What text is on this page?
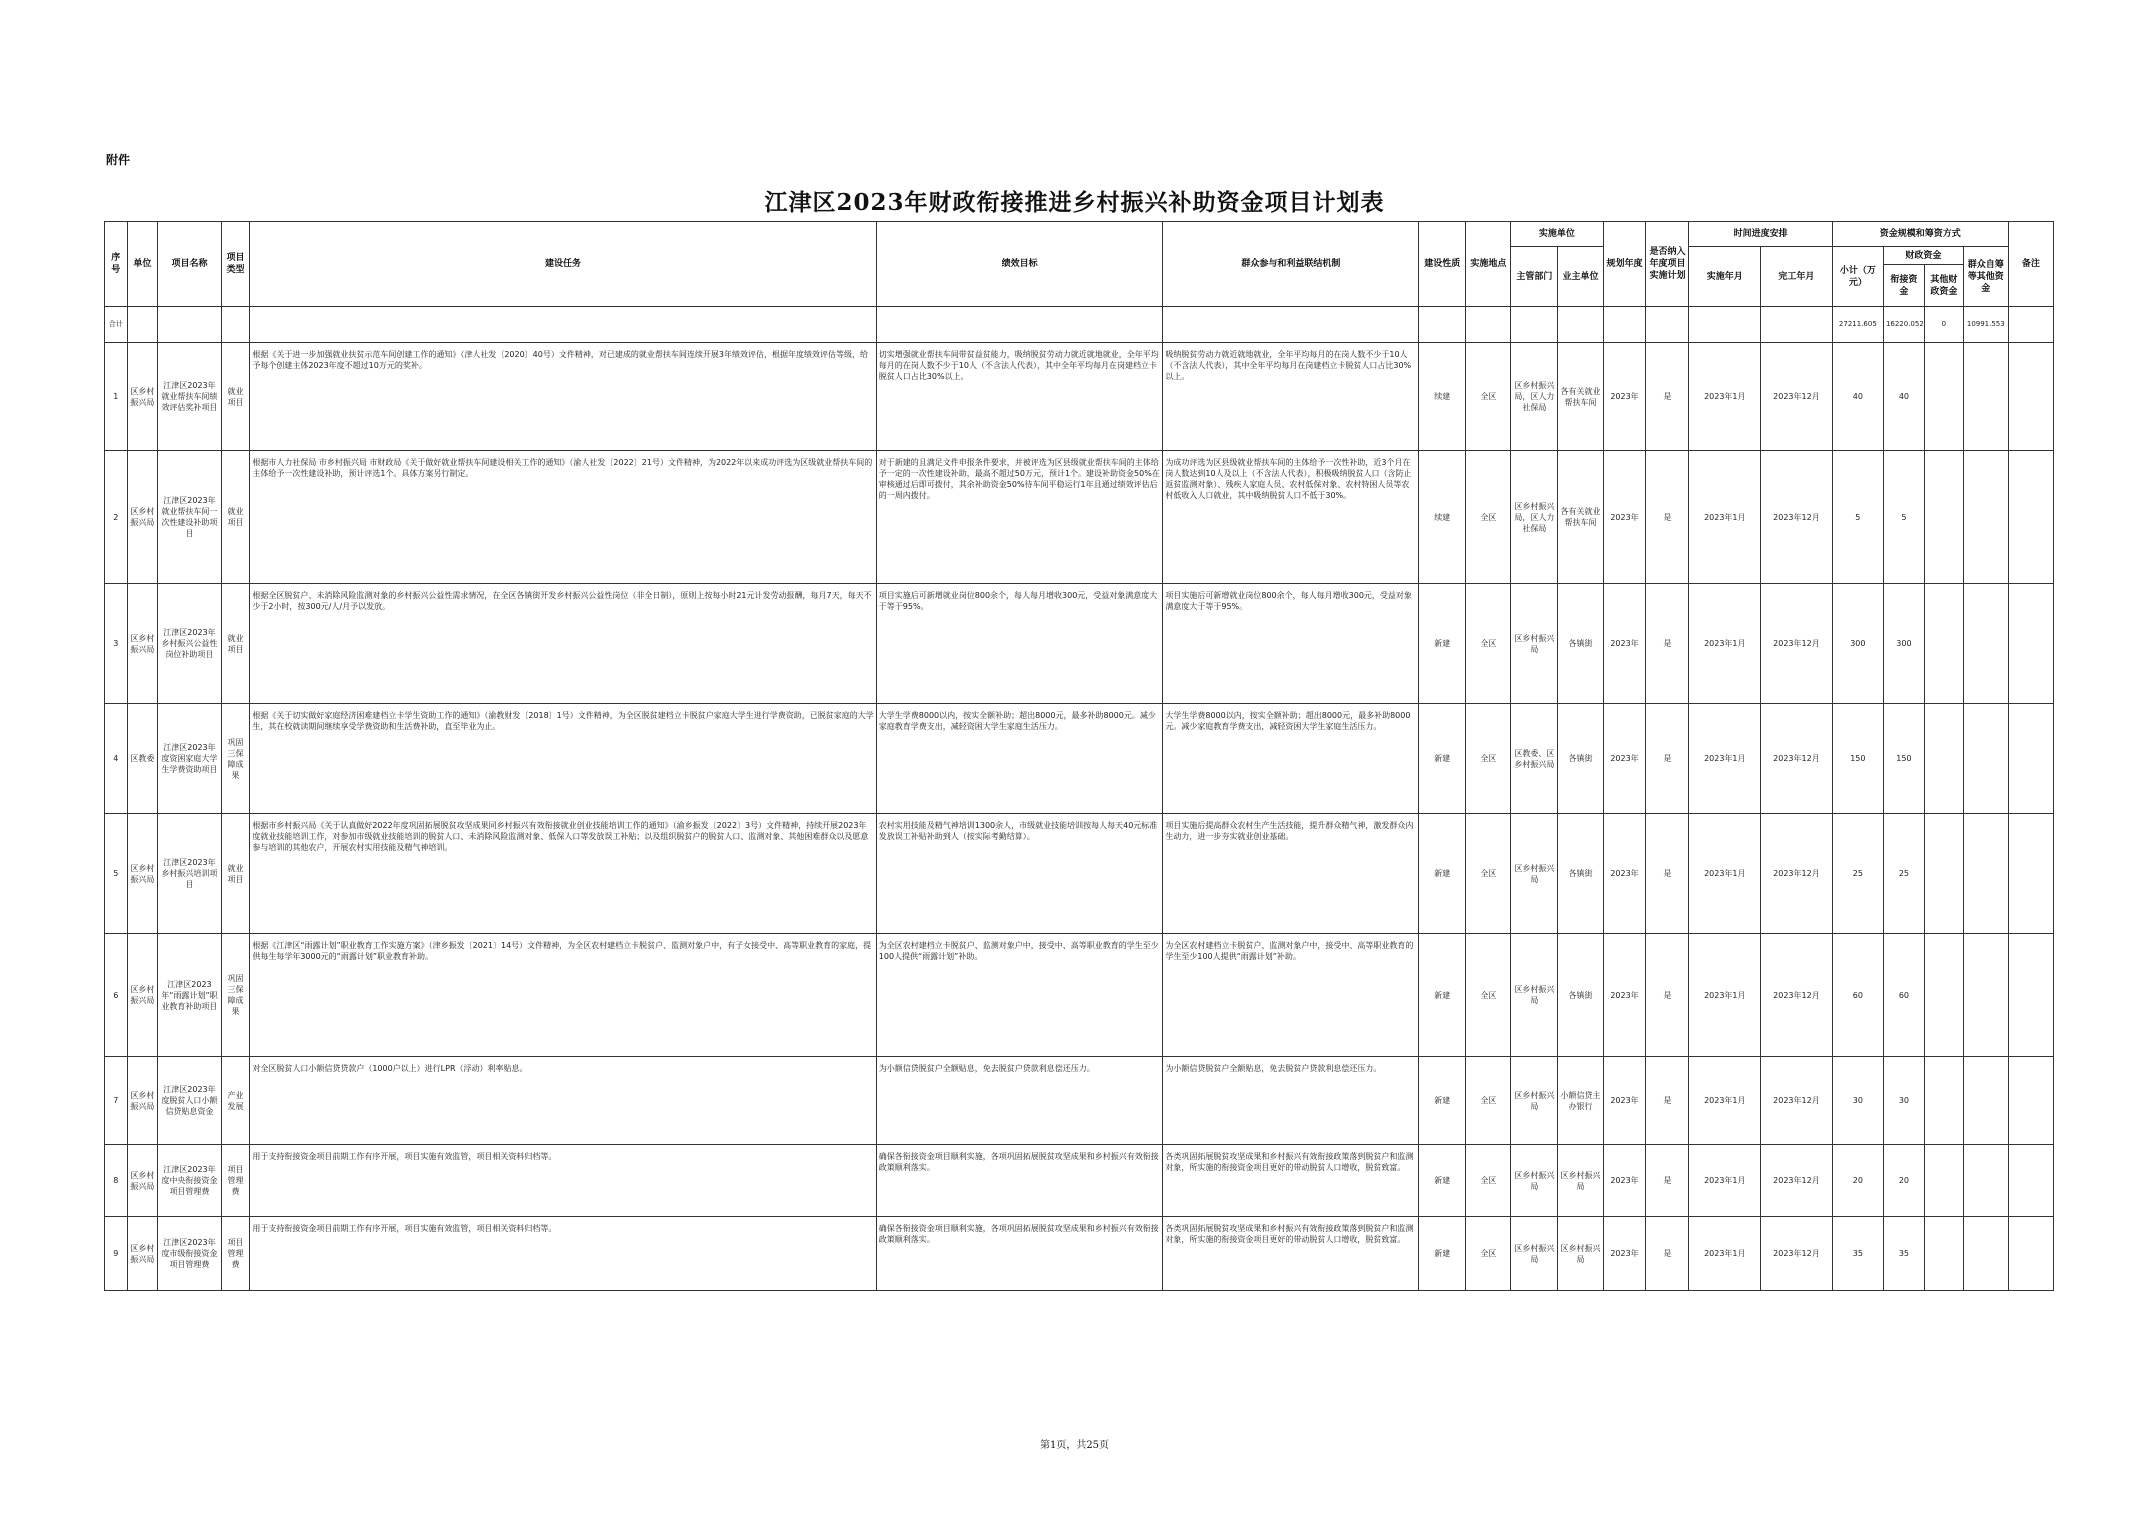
附件
江津区2023年财政衔接推进乡村振兴补助资金项目计划表
序号	单位	项目名称	项目类型	建设任务	绩效目标	群众参与和利益联结机制	建设性质	实施地点	实施单位		规划年度	是否纳入年度项目实施计划	时间进度安排		资金规模和筹资方式				备注
									主管部门	业主单位			实施年月	完工年月	小计（万元）	财政资金		群众自筹等其他资金	
																衔接资金	其他财政资金		
合计															27211.605	16220.052	0	10991.553	
1	区乡村振兴局	江津区2023年就业帮扶车间绩效评估奖补项目	就业项目	根据《关于进一步加强就业扶贫示范车间创建工作的通知》（津人社发〔2020〕40号）文件精神，对已建成的就业帮扶车间连续开展3年绩效评估，根据年度绩效评估等级，给予每个创建主体2023年度不超过10万元的奖补。	切实增强就业帮扶车间带贫益贫能力，吸纳脱贫劳动力就近就地就业，全年平均每月的在岗人数不少于10人（不含法人代表），其中全年平均每月在岗建档立卡脱贫人口占比30%以上。	吸纳脱贫劳动力就近就地就业，全年平均每月的在岗人数不少于10人（不含法人代表），其中全年平均每月在岗建档立卡脱贫人口占比30%以上。	续建	全区	区乡村振兴局，区人力社保局	各有关就业帮扶车间	2023年	是	2023年1月	2023年12月	40	40			
2	区乡村振兴局	江津区2023年就业帮扶车间一次性建设补助项目	就业项目	根据市人力社保局 市乡村振兴局 市财政局《关于做好就业帮扶车间建设相关工作的通知》（渝人社发〔2022〕21号）文件精神，为2022年以来成功评选为区级就业帮扶车间的主体给予一次性建设补助，预计评选1个。具体方案另行制定。	对于新建的且满足文件申报条件要求，并被评选为区县级就业帮扶车间的主体给予一定的一次性建设补助，最高不超过50万元，预计1个。建设补助资金50%在审核通过后即可拨付，其余补助资金50%待车间平稳运行1年且通过绩效评估后的一周内拨付。	为成功评选为区县级就业帮扶车间的主体给予一次性补助，近3个月在岗人数达到10人及以上（不含法人代表），积极吸纳脱贫人口（含防止返贫监测对象）、残疾人家庭人员、农村低保对象、农村特困人员等农村低收入人口就业，其中吸纳脱贫人口不低于30%。	续建	全区	区乡村振兴局，区人力社保局	各有关就业帮扶车间	2023年	是	2023年1月	2023年12月	5	5			
3	区乡村振兴局	江津区2023年乡村振兴公益性岗位补助项目	就业项目	根据全区脱贫户、未消除风险监测对象的乡村振兴公益性需求情况，在全区各镇街开发乡村振兴公益性岗位（非全日制），原则上按每小时21元计发劳动报酬，每月7天，每天不少于2小时，按300元/人/月予以发放。	项目实施后可新增就业岗位800余个，每人每月增收300元，受益对象满意度大于等于95%。	项目实施后可新增就业岗位800余个，每人每月增收300元，受益对象满意度大于等于95%。	新建	全区	区乡村振兴局	各镇街	2023年	是	2023年1月	2023年12月	300	300			
4	区教委	江津区2023年度资困家庭大学生学费资助项目	巩固三保障成果	根据《关于切实做好家庭经济困难建档立卡学生资助工作的通知》（渝教财发〔2018〕1号）文件精神，为全区脱贫建档立卡脱贫户家庭大学生进行学费资助，已脱贫家庭的大学生，其在校就读期间继续享受学费资助和生活费补助，直至毕业为止。	大学生学费8000以内，按实全额补助；超出8000元，最多补助8000元。减少家庭教育学费支出，减轻资困大学生家庭生活压力。	大学生学费8000以内，按实全额补助；超出8000元，最多补助8000元。减少家庭教育学费支出，减轻资困大学生家庭生活压力。	新建	全区	区教委、区乡村振兴局	各镇街	2023年	是	2023年1月	2023年12月	150	150			
5	区乡村振兴局	江津区2023年乡村振兴培训项目	就业项目	根据市乡村振兴局《关于认真做好2022年度巩固拓展脱贫攻坚成果同乡村振兴有效衔接就业创业技能培训工作的通知》（渝乡振发〔2022〕3号）文件精神，持续开展2023年度就业技能培训工作，对参加市级就业技能培训的脱贫人口、未消除风险监测对象、低保人口等发放误工补贴；以及组织脱贫户的脱贫人口、监测对象、其他困难群众以及愿意参与培训的其他农户，开展农村实用技能及精气神培训。	农村实用技能及精气神培训1300余人，市级就业技能培训按每人每天40元标准发放误工补贴补助到人（按实际考勤结算）。	项目实施后提高群众农村生产生活技能，提升群众精气神，激发群众内生动力，进一步夯实就业创业基础。	新建	全区	区乡村振兴局	各镇街	2023年	是	2023年1月	2023年12月	25	25			
6	区乡村振兴局	江津区2023年“雨露计划”职业教育补助项目	巩固三保障成果	根据《江津区“雨露计划”职业教育工作实施方案》（津乡振发〔2021〕14号）文件精神，为全区农村建档立卡脱贫户、监测对象户中，有子女接受中、高等职业教育的家庭，提供每生每学年3000元的“雨露计划”职业教育补助。	为全区农村建档立卡脱贫户、监测对象户中，接受中、高等职业教育的学生至少100人提供“雨露计划”补助。	为全区农村建档立卡脱贫户、监测对象户中，接受中、高等职业教育的学生至少100人提供“雨露计划”补助。	新建	全区	区乡村振兴局	各镇街	2023年	是	2023年1月	2023年12月	60	60			
7	区乡村振兴局	江津区2023年度脱贫人口小额信贷贴息资金	产业发展	对全区脱贫人口小额信贷贷款户（1000户以上）进行LPR（浮动）利率贴息。	为小额信贷脱贫户全额贴息，免去脱贫户贷款利息偿还压力。	为小额信贷脱贫户全额贴息，免去脱贫户贷款利息偿还压力。	新建	全区	区乡村振兴局	小额信贷主办银行	2023年	是	2023年1月	2023年12月	30	30			
8	区乡村振兴局	江津区2023年度中央衔接资金项目管理费	项目管理费	用于支持衔接资金项目前期工作有序开展，项目实施有效监管，项目相关资料归档等。	确保各衔接资金项目顺利实施，各项巩固拓展脱贫攻坚成果和乡村振兴有效衔接政策顺利落实。	各类巩固拓展脱贫攻坚成果和乡村振兴有效衔接政策落到脱贫户和监测对象，所实施的衔接资金项目更好的带动脱贫人口增收，脱贫致富。	新建	全区	区乡村振兴局	区乡村振兴局	2023年	是	2023年1月	2023年12月	20	20			
9	区乡村振兴局	江津区2023年度市级衔接资金项目管理费	项目管理费	用于支持衔接资金项目前期工作有序开展，项目实施有效监管，项目相关资料归档等。	确保各衔接资金项目顺利实施，各项巩固拓展脱贫攻坚成果和乡村振兴有效衔接政策顺利落实。	各类巩固拓展脱贫攻坚成果和乡村振兴有效衔接政策落到脱贫户和监测对象，所实施的衔接资金项目更好的带动脱贫人口增收，脱贫致富。	新建	全区	区乡村振兴局	区乡村振兴局	2023年	是	2023年1月	2023年12月	35	35			
第1页，共25页
